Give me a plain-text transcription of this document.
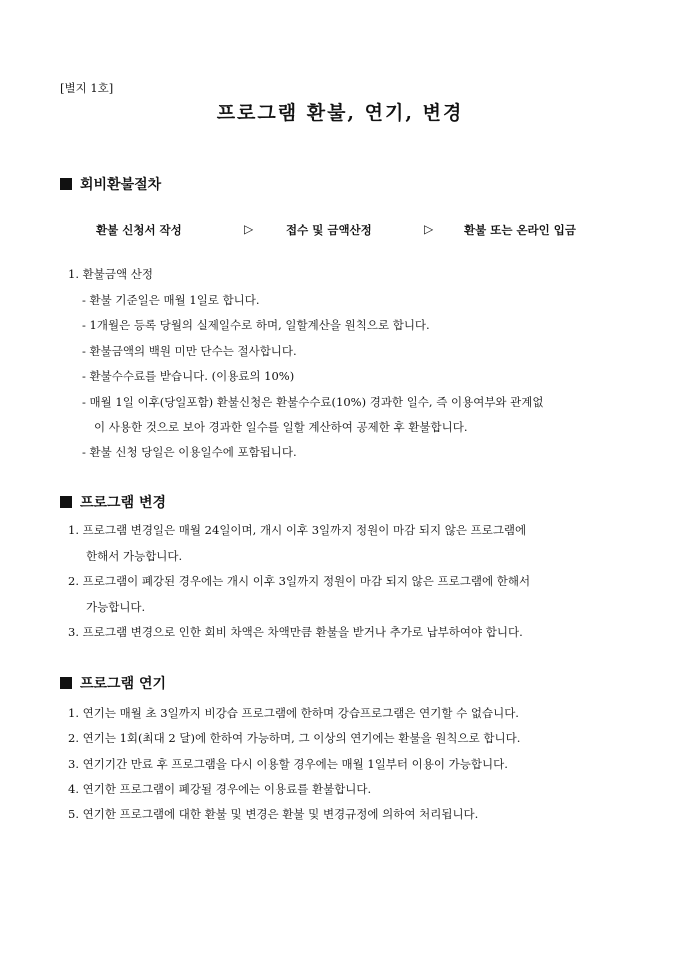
[별지 1호]
프로그램 환불, 연기, 변경
회비환불절차
환불 신청서 작성	▷	접수 및 금액산정	▷	환불 또는 온라인 입금
1. 환불금액 산정
- 환불 기준일은 매월 1일로 합니다.
- 1개월은 등록 당월의 실제일수로 하며, 일할계산을 원칙으로 합니다.
- 환불금액의 백원 미만 단수는 절사합니다.
- 환불수수료를 받습니다. (이용료의 10%)
- 매월 1일 이후(당일포함) 환불신청은 환불수수료(10%) 경과한 일수, 즉 이용여부와 관계없
이 사용한 것으로 보아 경과한 일수를 일할 계산하여 공제한 후 환불합니다.
- 환불 신청 당일은 이용일수에 포함됩니다.
프로그램 변경
1. 프로그램 변경일은 매월 24일이며, 개시 이후 3일까지 정원이 마감 되지 않은 프로그램에
한해서 가능합니다.
2. 프로그램이 폐강된 경우에는 개시 이후 3일까지 정원이 마감 되지 않은 프로그램에 한해서
가능합니다.
3. 프로그램 변경으로 인한 회비 차액은 차액만큼 환불을 받거나 추가로 납부하여야 합니다.
프로그램 연기
1. 연기는 매월 초 3일까지 비강습 프로그램에 한하며 강습프로그램은 연기할 수 없습니다.
2. 연기는 1회(최대 2 달)에 한하여 가능하며, 그 이상의 연기에는 환불을 원칙으로 합니다.
3. 연기기간 만료 후 프로그램을 다시 이용할 경우에는 매월 1일부터 이용이 가능합니다.
4. 연기한 프로그램이 폐강될 경우에는 이용료를 환불합니다.
5. 연기한 프로그램에 대한 환불 및 변경은 환불 및 변경규정에 의하여 처리됩니다.
